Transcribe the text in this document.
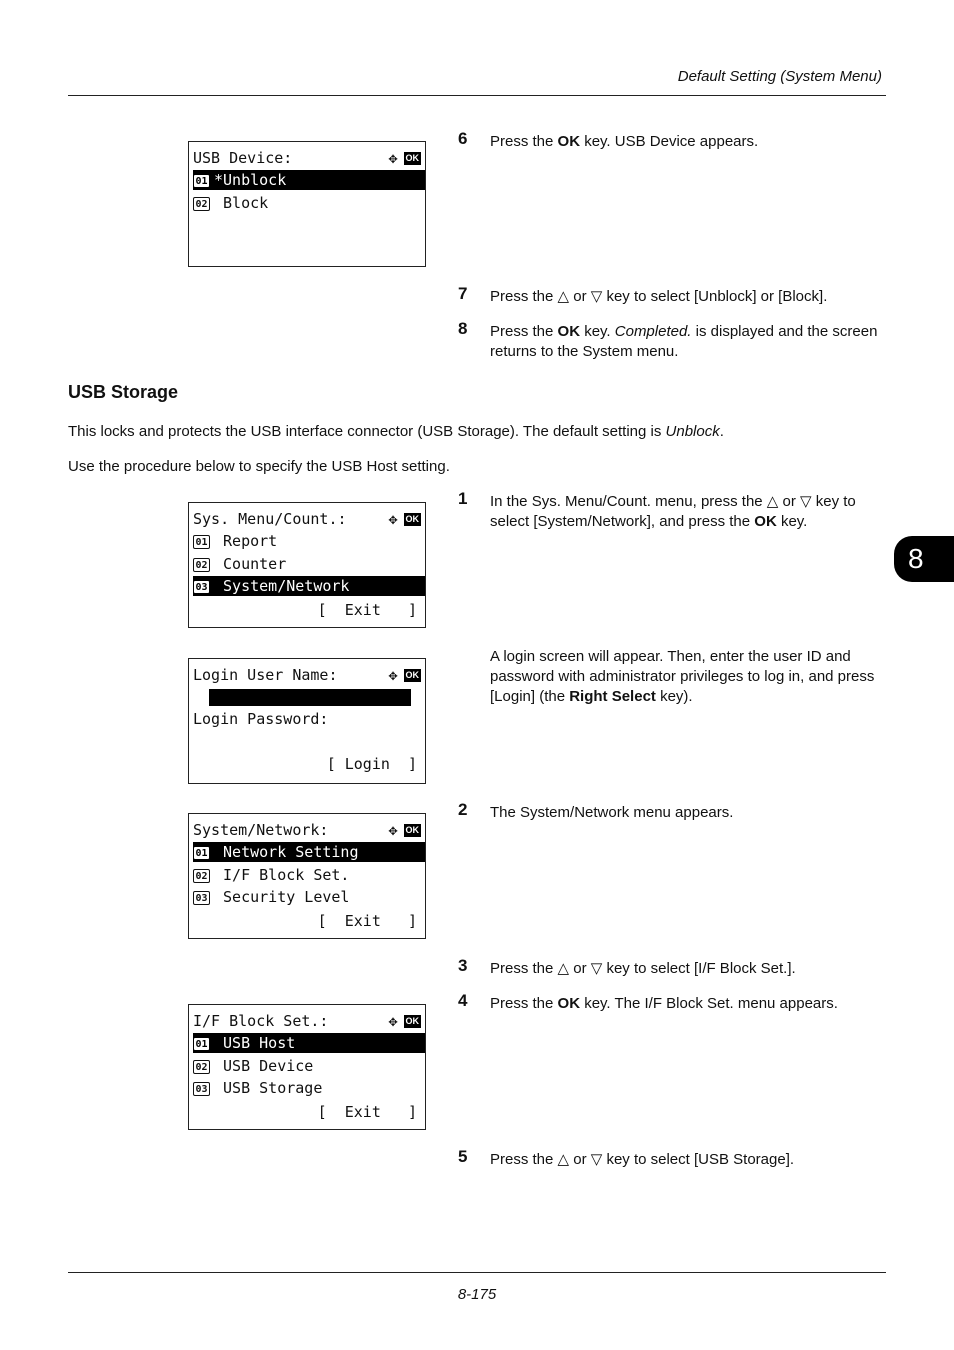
Default Setting (System Menu)
8
USB Device:	✥ OK
01 *Unblock
02 Block
6 Press the OK key. USB Device appears.
7 Press the △ or ▽ key to select [Unblock] or [Block].
8 Press the OK key. Completed. is displayed and the screen returns to the System menu.
USB Storage
This locks and protects the USB interface connector (USB Storage). The default setting is Unblock.
Use the procedure below to specify the USB Host setting.
Sys. Menu/Count.:	✥ OK
01 Report
02 Counter
03 System/Network
[  Exit   ]
1 In the Sys. Menu/Count. menu, press the △ or ▽ key to select [System/Network], and press the OK key.
Login User Name:	✥ OK
Login Password:
[ Login  ]
A login screen will appear. Then, enter the user ID and password with administrator privileges to log in, and press [Login] (the Right Select key).
System/Network:	✥ OK
01 Network Setting
02 I/F Block Set.
03 Security Level
[  Exit   ]
2 The System/Network menu appears.
3 Press the △ or ▽ key to select [I/F Block Set.].
4 Press the OK key. The I/F Block Set. menu appears.
I/F Block Set.:	✥ OK
01 USB Host
02 USB Device
03 USB Storage
[  Exit   ]
5 Press the △ or ▽ key to select [USB Storage].
8-175
